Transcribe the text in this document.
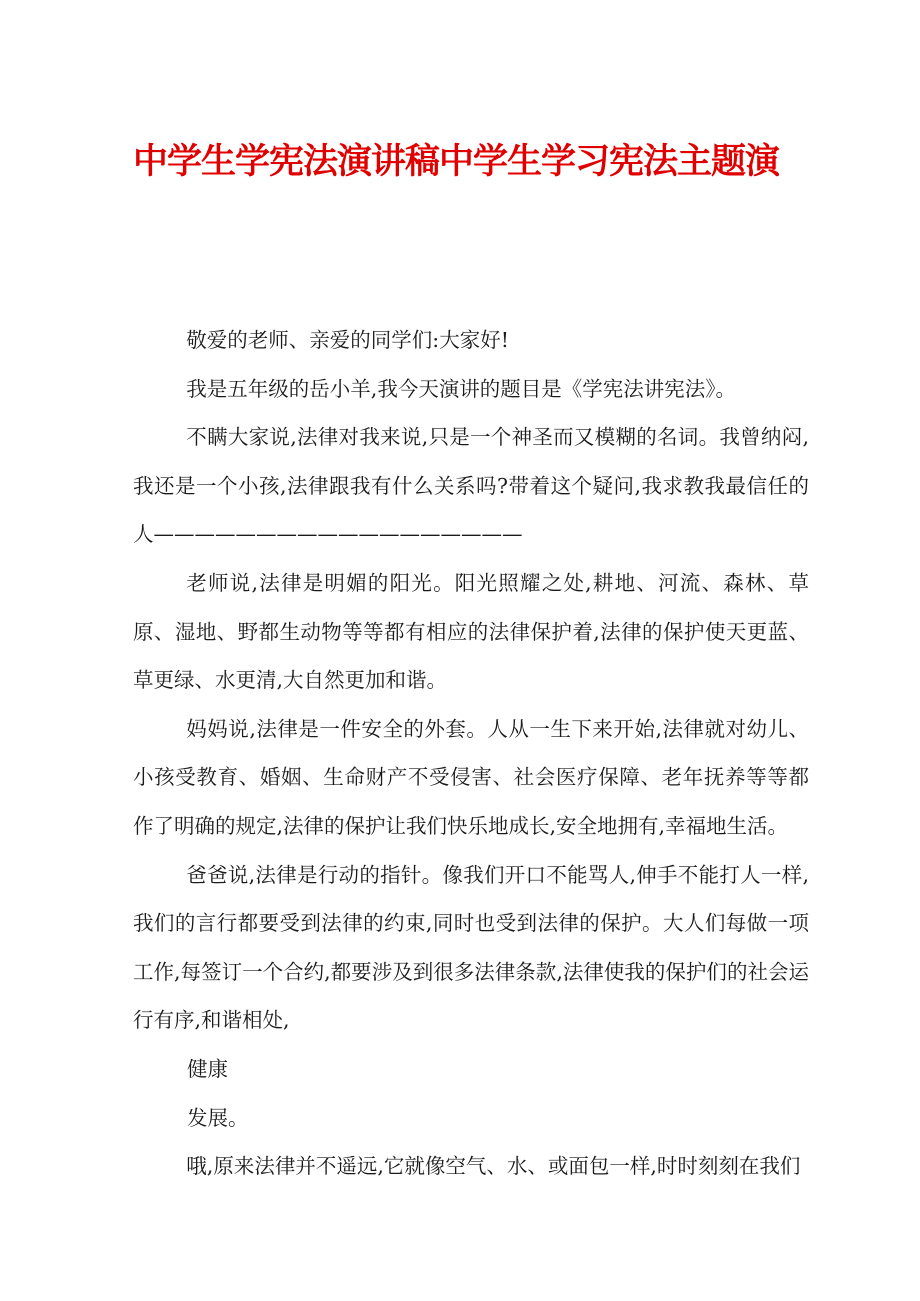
中学生学宪法演讲稿中学生学习宪法主题演

敬爱的老师、亲爱的同学们:大家好!

我是五年级的岳小羊,我今天演讲的题目是《学宪法讲宪法》。

不瞒大家说,法律对我来说,只是一个神圣而又模糊的名词。我曾纳闷,我还是一个小孩,法律跟我有什么关系吗?带着这个疑问,我求教我最信任的人——————————————————

老师说,法律是明媚的阳光。阳光照耀之处,耕地、河流、森林、草原、湿地、野都生动物等等都有相应的法律保护着,法律的保护使天更蓝、草更绿、水更清,大自然更加和谐。

妈妈说,法律是一件安全的外套。人从一生下来开始,法律就对幼儿、小孩受教育、婚姻、生命财产不受侵害、社会医疗保障、老年抚养等等都作了明确的规定,法律的保护让我们快乐地成长,安全地拥有,幸福地生活。

爸爸说,法律是行动的指针。像我们开口不能骂人,伸手不能打人一样,我们的言行都要受到法律的约束,同时也受到法律的保护。大人们每做一项工作,每签订一个合约,都要涉及到很多法律条款,法律使我的保护们的社会运行有序,和谐相处,

健康

发展。

哦,原来法律并不遥远,它就像空气、水、或面包一样,时时刻刻在我们
